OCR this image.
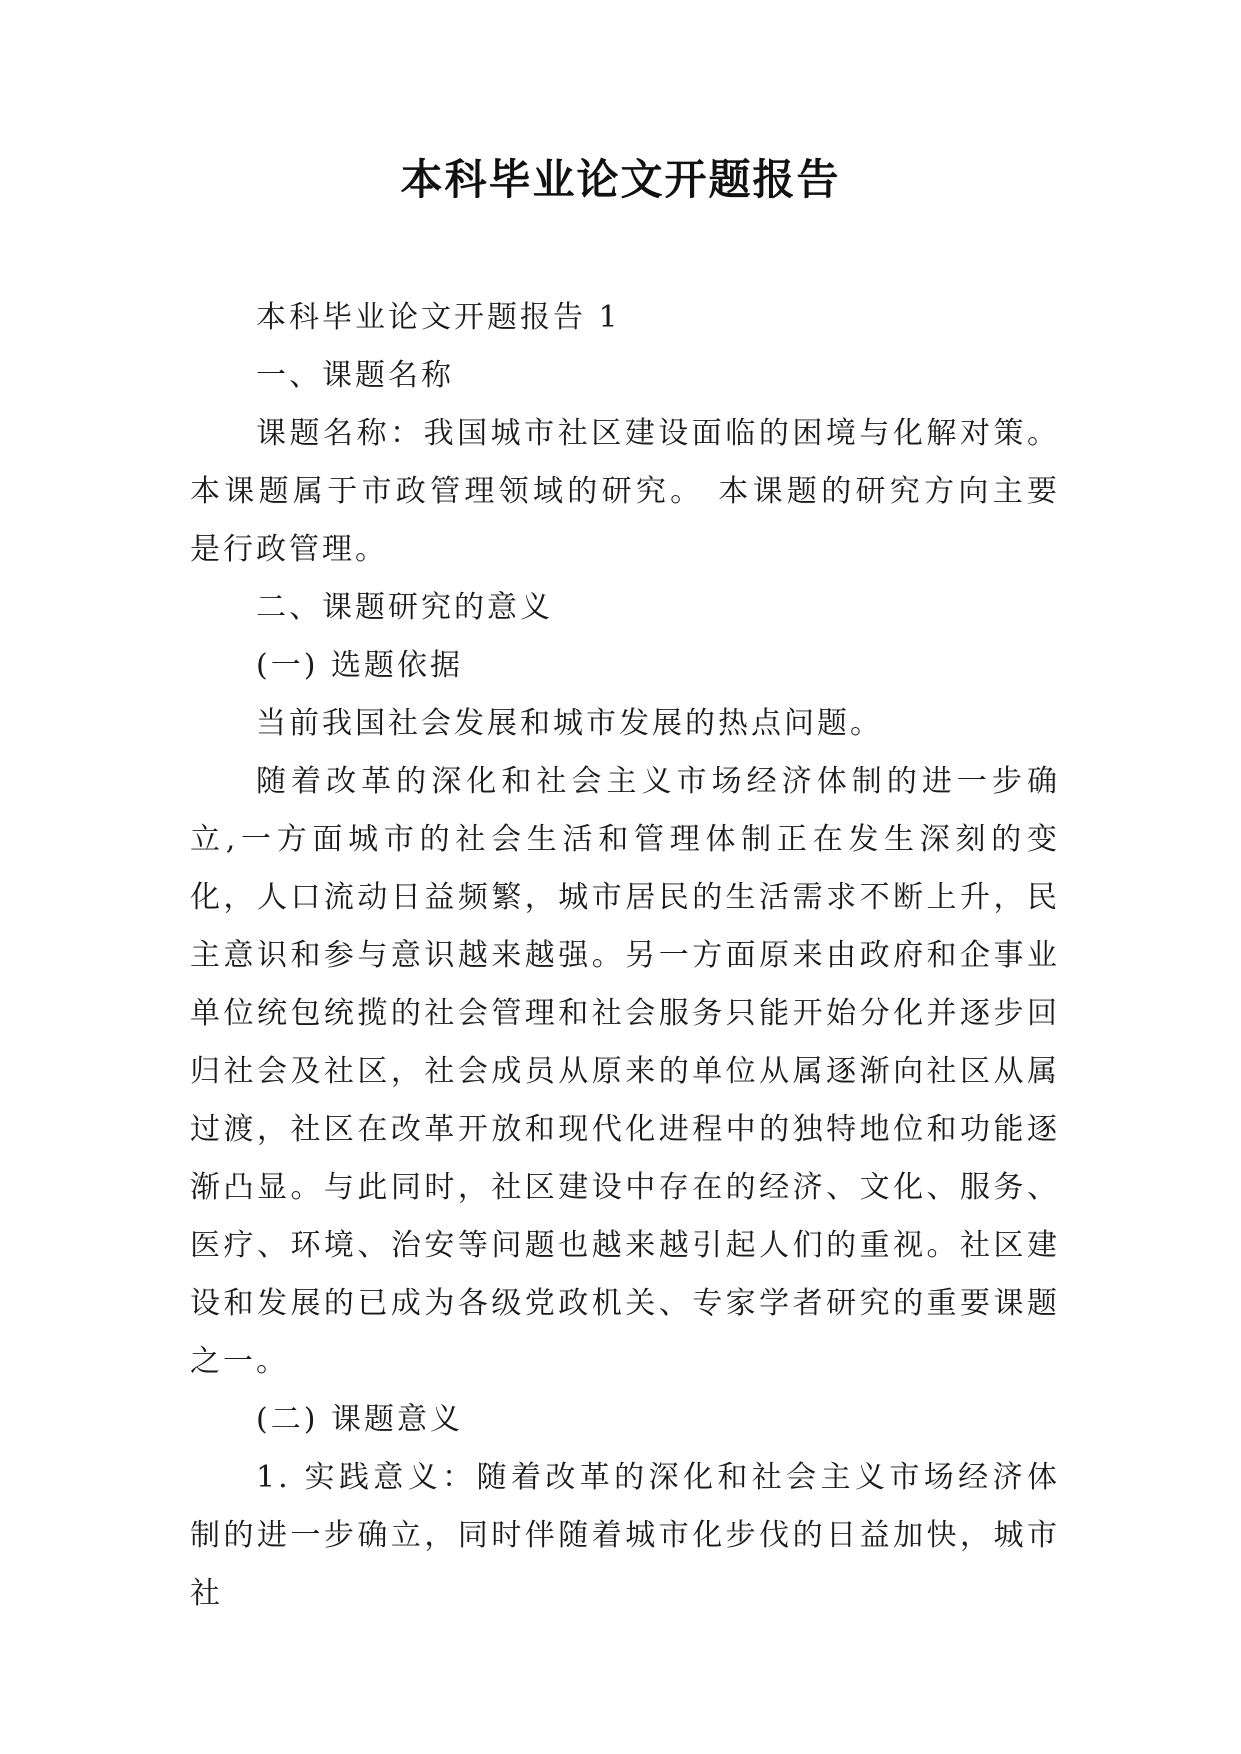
本科毕业论文开题报告

本科毕业论文开题报告 1

一、课题名称

课题名称：我国城市社区建设面临的困境与化解对策。本课题属于市政管理领域的研究。 本课题的研究方向主要是行政管理。

二、课题研究的意义

(一) 选题依据

当前我国社会发展和城市发展的热点问题。

随着改革的深化和社会主义市场经济体制的进一步确立,一方面城市的社会生活和管理体制正在发生深刻的变化，人口流动日益频繁，城市居民的生活需求不断上升，民主意识和参与意识越来越强。另一方面原来由政府和企事业单位统包统揽的社会管理和社会服务只能开始分化并逐步回归社会及社区，社会成员从原来的单位从属逐渐向社区从属过渡，社区在改革开放和现代化进程中的独特地位和功能逐渐凸显。与此同时，社区建设中存在的经济、文化、服务、医疗、环境、治安等问题也越来越引起人们的重视。社区建设和发展的已成为各级党政机关、专家学者研究的重要课题之一。

(二) 课题意义

1. 实践意义：随着改革的深化和社会主义市场经济体制的进一步确立，同时伴随着城市化步伐的日益加快，城市社
